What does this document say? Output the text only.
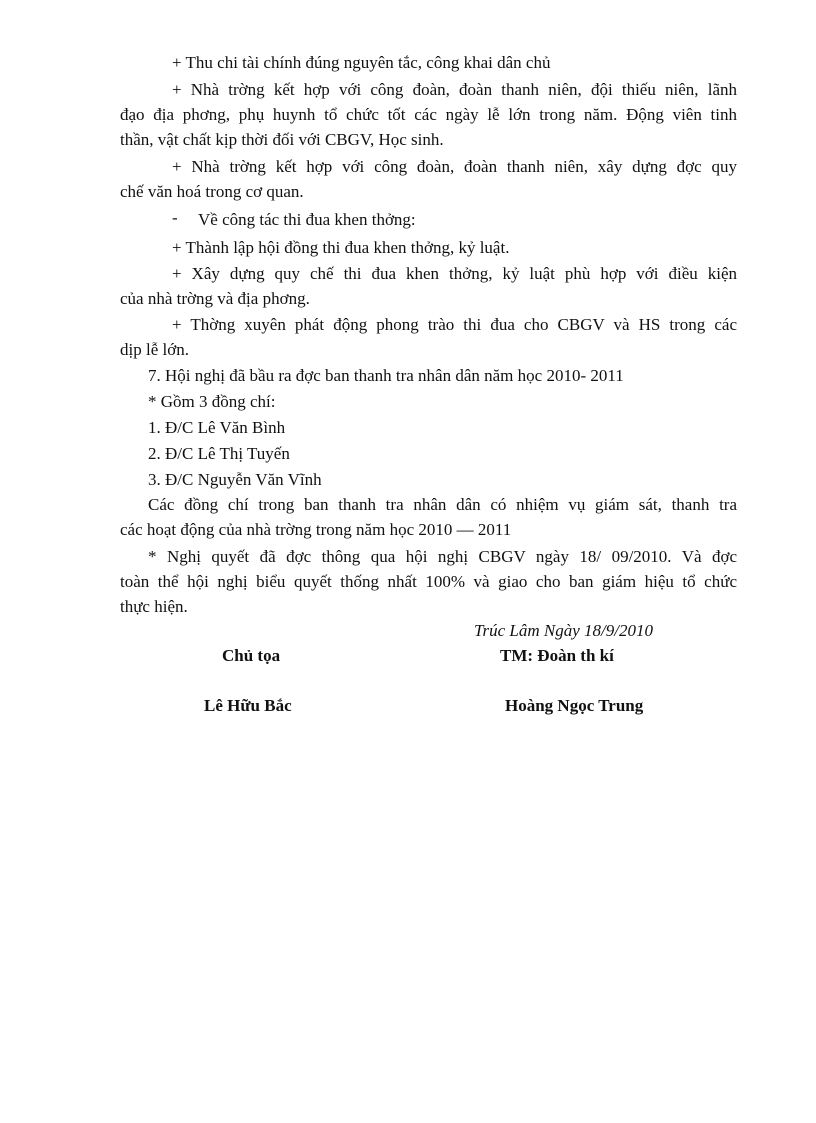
+ Thu chi tài chính đúng nguyên tắc, công khai dân chủ
+ Nhà trờng kết hợp với công đoàn, đoàn thanh niên, đội thiếu niên, lãnh
đạo địa phơng, phụ huynh tổ chức tốt các ngày lễ lớn trong năm. Động viên tinh
thần, vật chất kịp thời đối với CBGV, Học sinh.
+ Nhà trờng kết hợp với công đoàn, đoàn thanh niên, xây dựng đợc quy
chế văn hoá trong cơ quan.
- Về công tác thi đua khen thởng:
+ Thành lập hội đồng thi đua khen thởng, kỷ luật.
+ Xây dựng quy chế thi đua khen thởng, kỷ luật phù hợp với điều kiện
của nhà trờng và địa phơng.
+ Thờng xuyên phát động phong trào thi đua cho CBGV và HS trong các
dịp lễ lớn.
7. Hội nghị đã bầu ra đợc ban thanh tra nhân dân năm học 2010- 2011
* Gồm 3 đồng chí:
1. Đ/C Lê Văn Bình
2. Đ/C Lê Thị Tuyến
3. Đ/C Nguyễn Văn Vĩnh
Các đồng chí trong ban thanh tra nhân dân có nhiệm vụ giám sát, thanh tra
các hoạt động của nhà trờng trong năm học 2010 — 2011
* Nghị quyết đã đợc thông qua hội nghị CBGV ngày 18/ 09/2010. Và đợc
toàn thể hội nghị biểu quyết thống nhất 100% và giao cho ban giám hiệu tổ chức
thực hiện.
Trúc Lâm Ngày 18/9/2010
Chủ tọa	TM: Đoàn th kí
Lê Hữu Bắc	Hoàng Ngọc Trung
